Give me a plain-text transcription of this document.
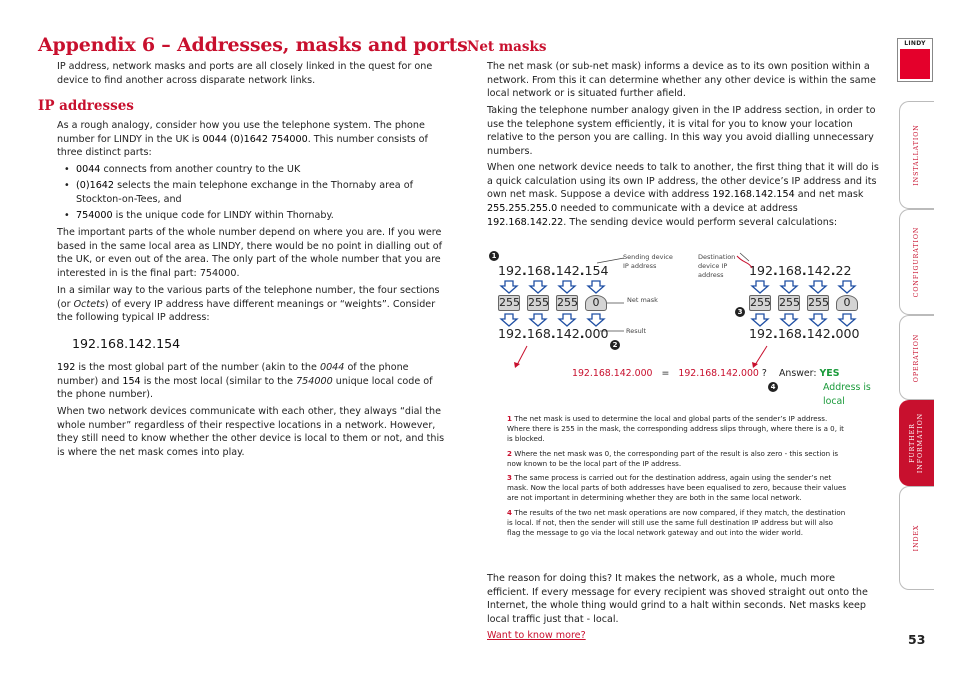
Appendix 6 – Addresses, masks and ports
IP address, network masks and ports are all closely linked in the quest for one device to find another across disparate network links.
IP addresses
As a rough analogy, consider how you use the telephone system. The phone number for LINDY in the UK is 0044 (0)1642 754000. This number consists of three distinct parts:
• 0044 connects from another country to the UK
• (0)1642 selects the main telephone exchange in the Thornaby area of Stockton-on-Tees, and
• 754000 is the unique code for LINDY within Thornaby.
The important parts of the whole number depend on where you are. If you were based in the same local area as LINDY, there would be no point in dialling out of the UK, or even out of the area. The only part of the whole number that you are interested in is the final part: 754000.
In a similar way to the various parts of the telephone number, the four sections (or Octets) of every IP address have different meanings or “weights”. Consider the following typical IP address:
192.168.142.154
192 is the most global part of the number (akin to the 0044 of the phone number) and 154 is the most local (similar to the 754000 unique local code of the phone number).
When two network devices communicate with each other, they always “dial the whole number” regardless of their respective locations in a network. However, they still need to know whether the other device is local to them or not, and this is where the net mask comes into play.
Net masks
The net mask (or sub-net mask) informs a device as to its own position within a network. From this it can determine whether any other device is within the same local network or is situated further afield.
Taking the telephone number analogy given in the IP address section, in order to use the telephone system efficiently, it is vital for you to know your location relative to the person you are calling. In this way you avoid dialling unnecessary numbers.
When one network device needs to talk to another, the first thing that it will do is a quick calculation using its own IP address, the other device’s IP address and its own net mask. Suppose a device with address 192.168.142.154 and net mask 255.255.255.0 needed to communicate with a device at address 192.168.142.22. The sending device would perform several calculations:
1
2
3
4
192.168.142.154
Sending device IP address
Destination device IP address	192.168.142.22
255 255 255	0	Net mask	255 255 255	0
192.168.142.000	Result	192.168.142.000
192.168.142.000 = 192.168.142.000 ? Answer: YES
Address is local
1 The net mask is used to determine the local and global parts of the sender’s IP address. Where there is 255 in the mask, the corresponding address slips through, where there is a 0, it is blocked.
2 Where the net mask was 0, the corresponding part of the result is also zero - this section is now known to be the local part of the IP address.
3 The same process is carried out for the destination address, again using the sender’s net mask. Now the local parts of both addresses have been equalised to zero, because their values are not important in determining whether they are both in the same local network.
4 The results of the two net mask operations are now compared, if they match, the destination is local. If not, then the sender will still use the same full destination IP address but will also flag the message to go via the local network gateway and out into the wider world.
The reason for doing this? It makes the network, as a whole, much more efficient. If every message for every recipient was shoved straight out onto the Internet, the whole thing would grind to a halt within seconds. Net masks keep local traffic just that - local.
Want to know more?
LINDY
INSTALLATION
CONFIGURATION
OPERATION
FURTHER INFORMATION
INDEX
53
